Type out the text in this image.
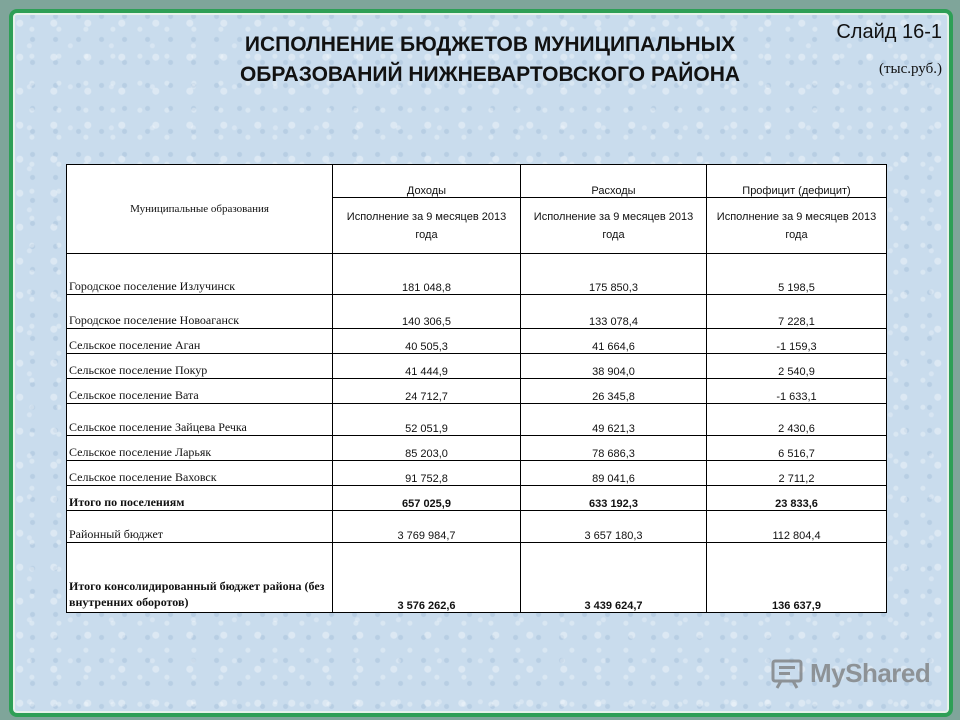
ИСПОЛНЕНИЕ БЮДЖЕТОВ МУНИЦИПАЛЬНЫХ
ОБРАЗОВАНИЙ НИЖНЕВАРТОВСКОГО РАЙОНА
Слайд 16-1
(тыс.руб.)
Муниципальные образования	Доходы	Расходы	Профицит (дефицит)
	Исполнение за 9 месяцев 2013 года	Исполнение за 9 месяцев 2013 года	Исполнение за 9 месяцев 2013 года
Городское поселение Излучинск	181 048,8	175 850,3	5 198,5
Городское поселение Новоаганск	140 306,5	133 078,4	7 228,1
Сельское поселение Аган	40 505,3	41 664,6	-1 159,3
Сельское поселение Покур	41 444,9	38 904,0	2 540,9
Сельское поселение Вата	24 712,7	26 345,8	-1 633,1
Сельское поселение Зайцева Речка	52 051,9	49 621,3	2 430,6
Сельское поселение Ларьяк	85 203,0	78 686,3	6 516,7
Сельское поселение Ваховск	91 752,8	89 041,6	2 711,2
Итого по поселениям	657 025,9	633 192,3	23 833,6
Районный бюджет	3 769 984,7	3 657 180,3	112 804,4
Итого консолидированный бюджет района (без внутренних оборотов)	3 576 262,6	3 439 624,7	136 637,9
MyShared
